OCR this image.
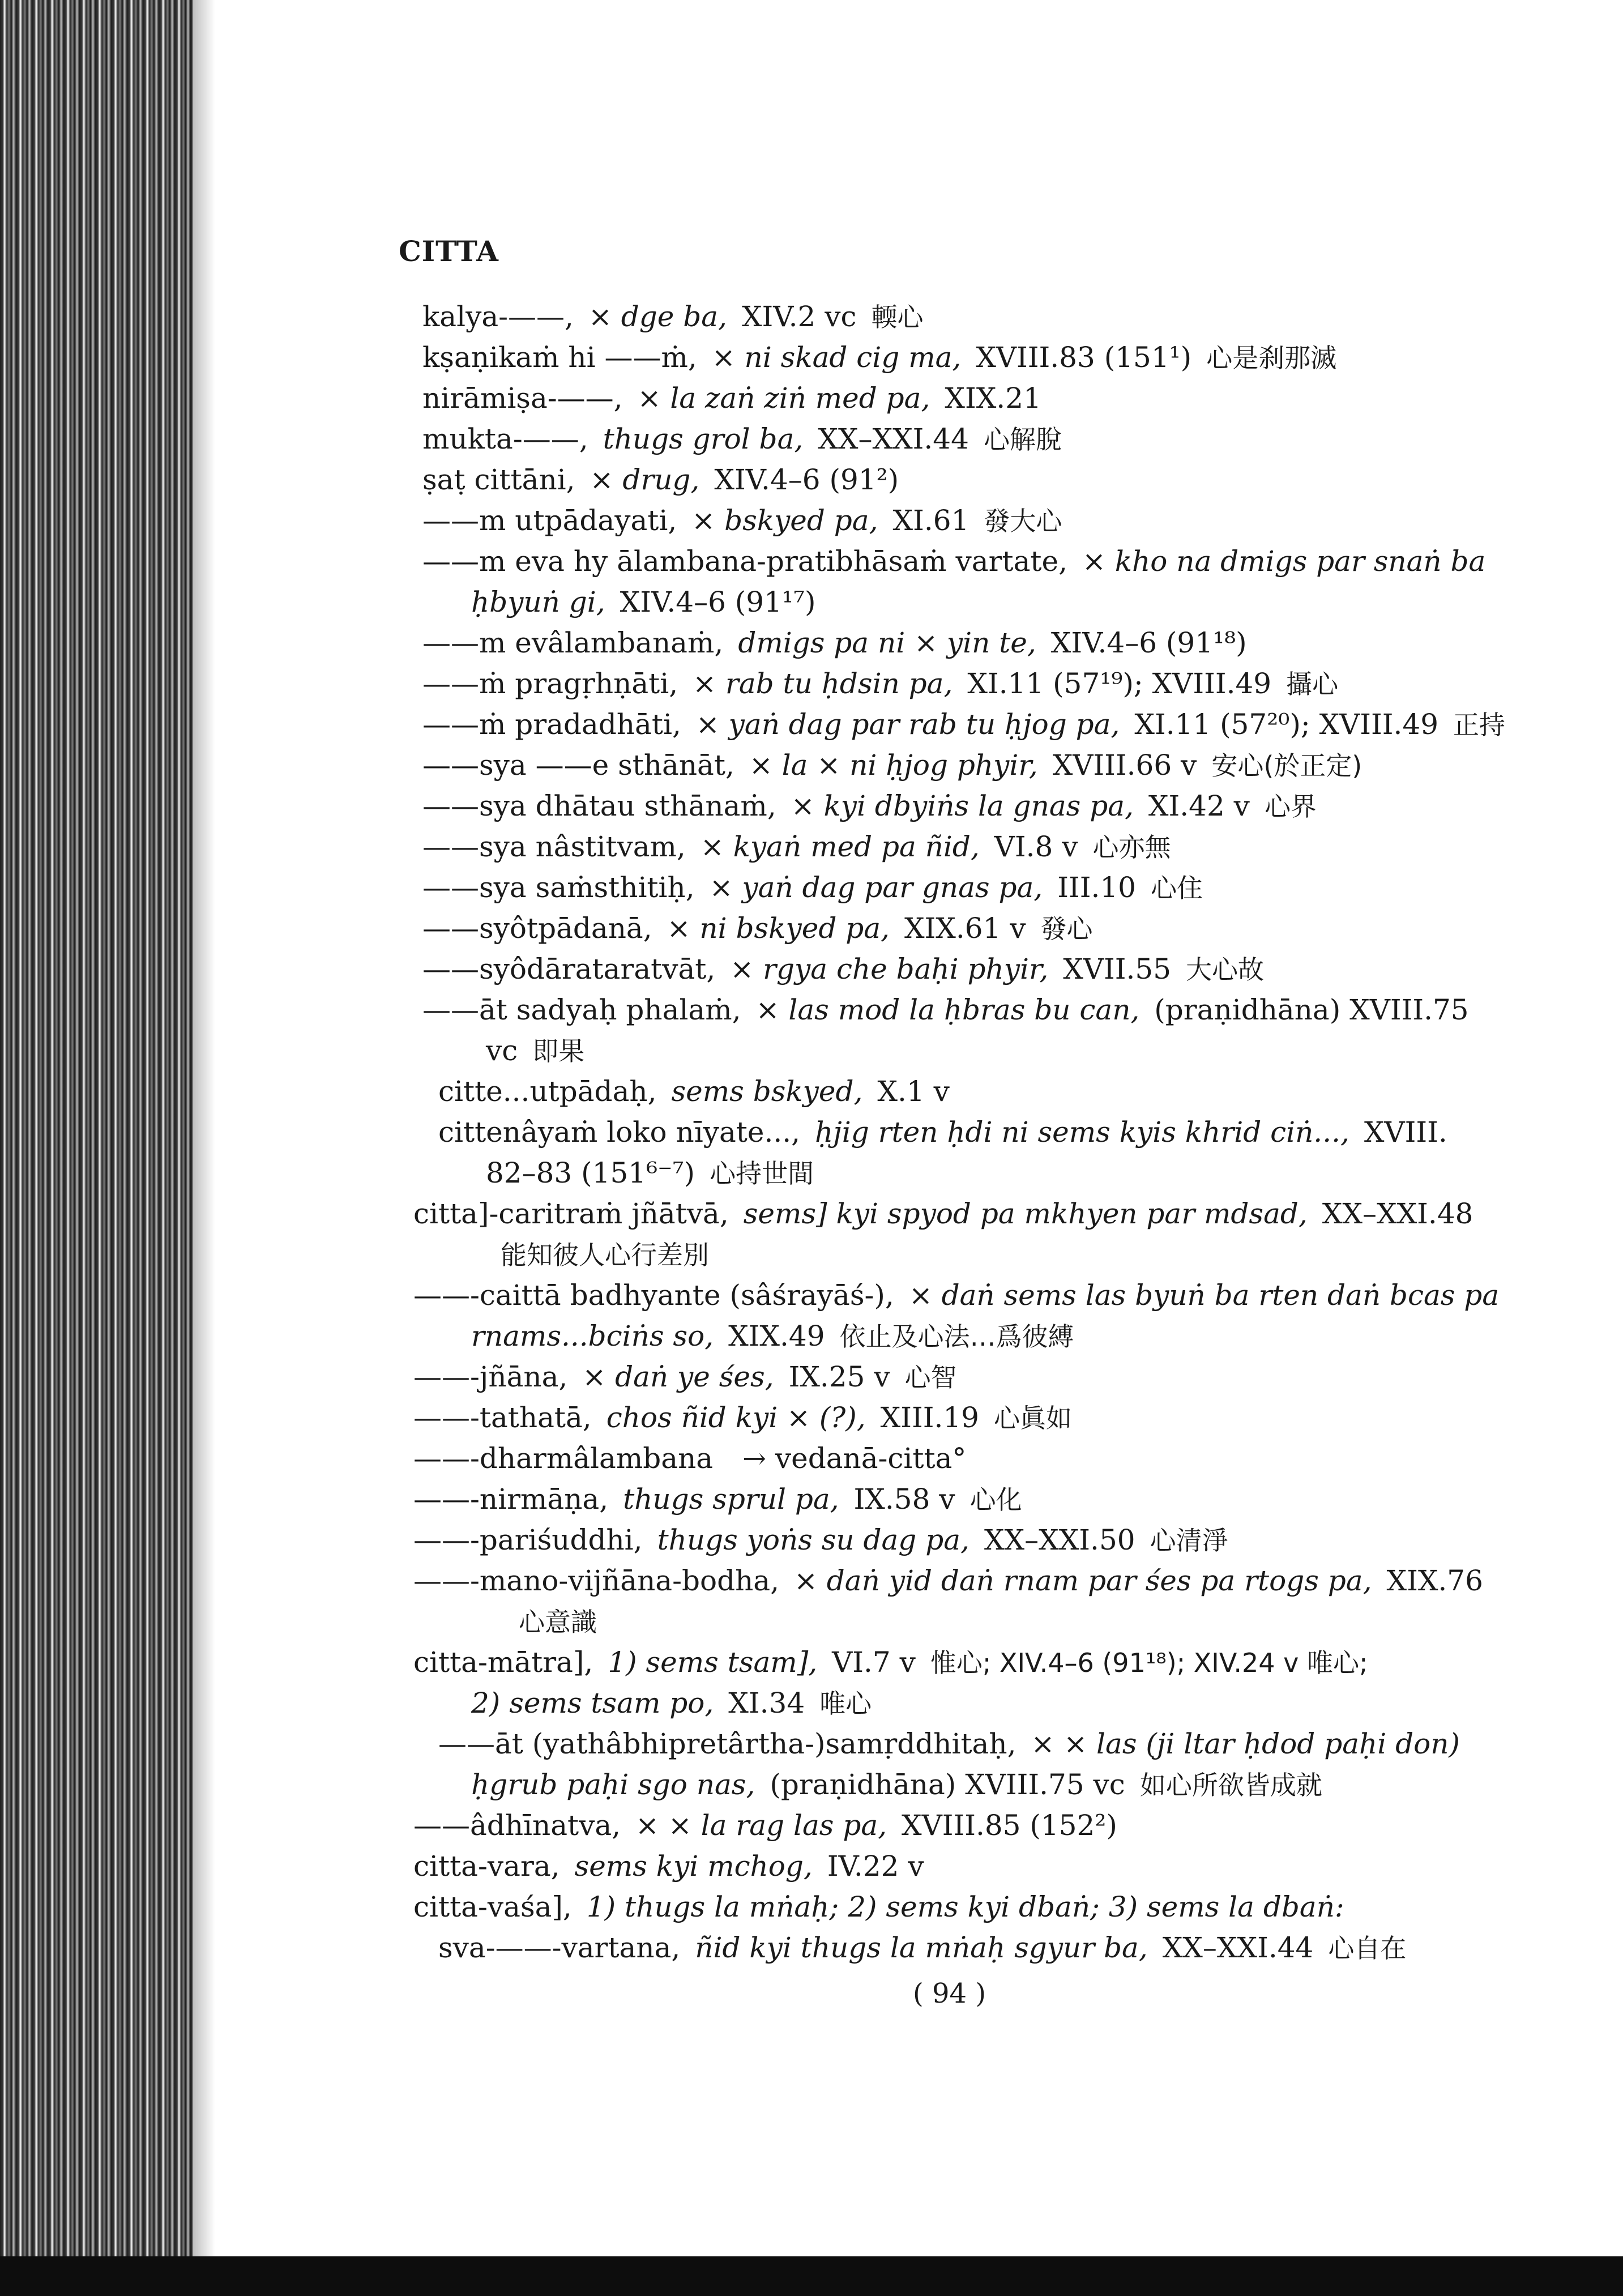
CITTA
kalya-——, × dge ba, XIV.2 vc 輭心
kṣaṇikaṁ hi ——ṁ, × ni skad cig ma, XVIII.83 (151¹) 心是刹那滅
nirāmiṣa-——, × la zaṅ ziṅ med pa, XIX.21
mukta-——, thugs grol ba, XX–XXI.44 心解脫
ṣaṭ cittāni, × drug, XIV.4–6 (91²)
——m utpādayati, × bskyed pa, XI.61 發大心
——m eva hy ālambana-pratibhāsaṁ vartate, × kho na dmigs par snaṅ ba
ḥbyuṅ gi, XIV.4–6 (91¹⁷)
——m evâlambanaṁ, dmigs pa ni × yin te, XIV.4–6 (91¹⁸)
——ṁ pragṛhṇāti, × rab tu ḥdsin pa, XI.11 (57¹⁹); XVIII.49 攝心
——ṁ pradadhāti, × yaṅ dag par rab tu ḥjog pa, XI.11 (57²⁰); XVIII.49 正持
——sya ——e sthānāt, × la × ni ḥjog phyir, XVIII.66 v 安心(於正定)
——sya dhātau sthānaṁ, × kyi dbyiṅs la gnas pa, XI.42 v 心界
——sya nâstitvam, × kyaṅ med pa ñid, VI.8 v 心亦無
——sya saṁsthitiḥ, × yaṅ dag par gnas pa, III.10 心住
——syôtpādanā, × ni bskyed pa, XIX.61 v 發心
——syôdārataratvāt, × rgya che baḥi phyir, XVII.55 大心故
——āt sadyaḥ phalaṁ, × las mod la ḥbras bu can, (praṇidhāna) XVIII.75
vc 即果
citte...utpādaḥ, sems bskyed, X.1 v
cittenâyaṁ loko nīyate..., ḥjig rten ḥdi ni sems kyis khrid ciṅ..., XVIII.
82–83 (151⁶⁻⁷) 心持世間
citta]-caritraṁ jñātvā, sems] kyi spyod pa mkhyen par mdsad, XX–XXI.48
能知彼人心行差別
——-caittā badhyante (sâśrayāś-), × daṅ sems las byuṅ ba rten daṅ bcas pa
rnams...bciṅs so, XIX.49 依止及心法…爲彼縛
——-jñāna, × daṅ ye śes, IX.25 v 心智
——-tathatā, chos ñid kyi × (?), XIII.19 心眞如
——-dharmâlambana → vedanā-citta°
——-nirmāṇa, thugs sprul pa, IX.58 v 心化
——-pariśuddhi, thugs yoṅs su dag pa, XX–XXI.50 心清淨
——-mano-vijñāna-bodha, × daṅ yid daṅ rnam par śes pa rtogs pa, XIX.76
心意識
citta-mātra], 1) sems tsam], VI.7 v 惟心; XIV.4–6 (91¹⁸); XIV.24 v 唯心;
2) sems tsam po, XI.34 唯心
——āt (yathâbhipretârtha-)samṛddhitaḥ, × × las (ji ltar ḥdod paḥi don)
ḥgrub paḥi sgo nas, (praṇidhāna) XVIII.75 vc 如心所欲皆成就
——âdhīnatva, × × la rag las pa, XVIII.85 (152²)
citta-vara, sems kyi mchog, IV.22 v
citta-vaśa], 1) thugs la mṅaḥ; 2) sems kyi dbaṅ; 3) sems la dbaṅ:
sva-——-vartana, ñid kyi thugs la mṅaḥ sgyur ba, XX–XXI.44 心自在
( 94 )
